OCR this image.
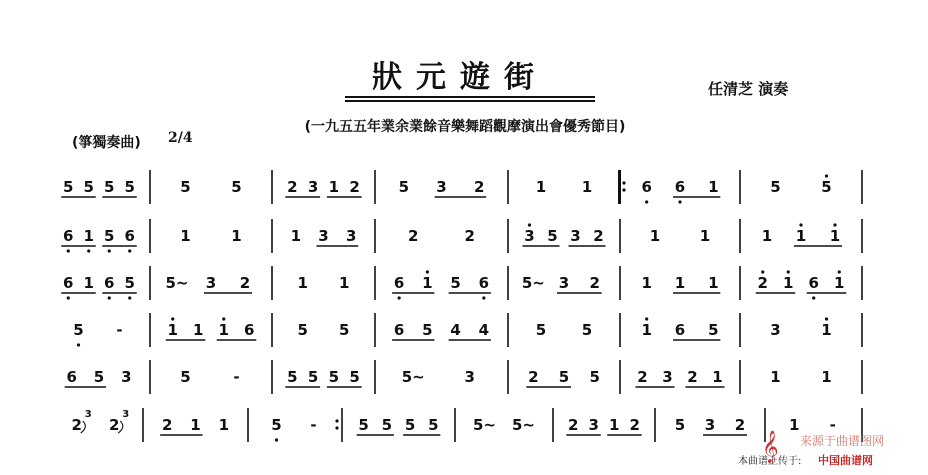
狀元遊街	任清芝 演奏
(一九五五年業余業餘音樂舞蹈觀摩演出會優秀節目)
(箏獨奏曲) 2/4
5 5 5 5	5	5	2 3 1 2	5 3 2	1 1	6 6 1	5	5
6 1 5 6	1	1	1 3 3	2	2	3 5 3 2	1	1	1 1 1
6 1 6 5 5~ 3 2	1 1	6 1 5 6 5~ 3 2	1 1 1	2 1 6 1
5 -	1 1 1 6	5 5	6 5 4 4	5 5	1 6 5	3	1
6 5 3	5	-	5 5 5 5	5~	3	2 5 5 2 3 2 1	1	1
2
3
2
3
2 1 1	5 -	5 5 5 5 5~ 5~ 2 3 1 2 5 3 2	1 -
𝄞 来源于曲谱图网
本曲谱上传于: 中国曲谱网
